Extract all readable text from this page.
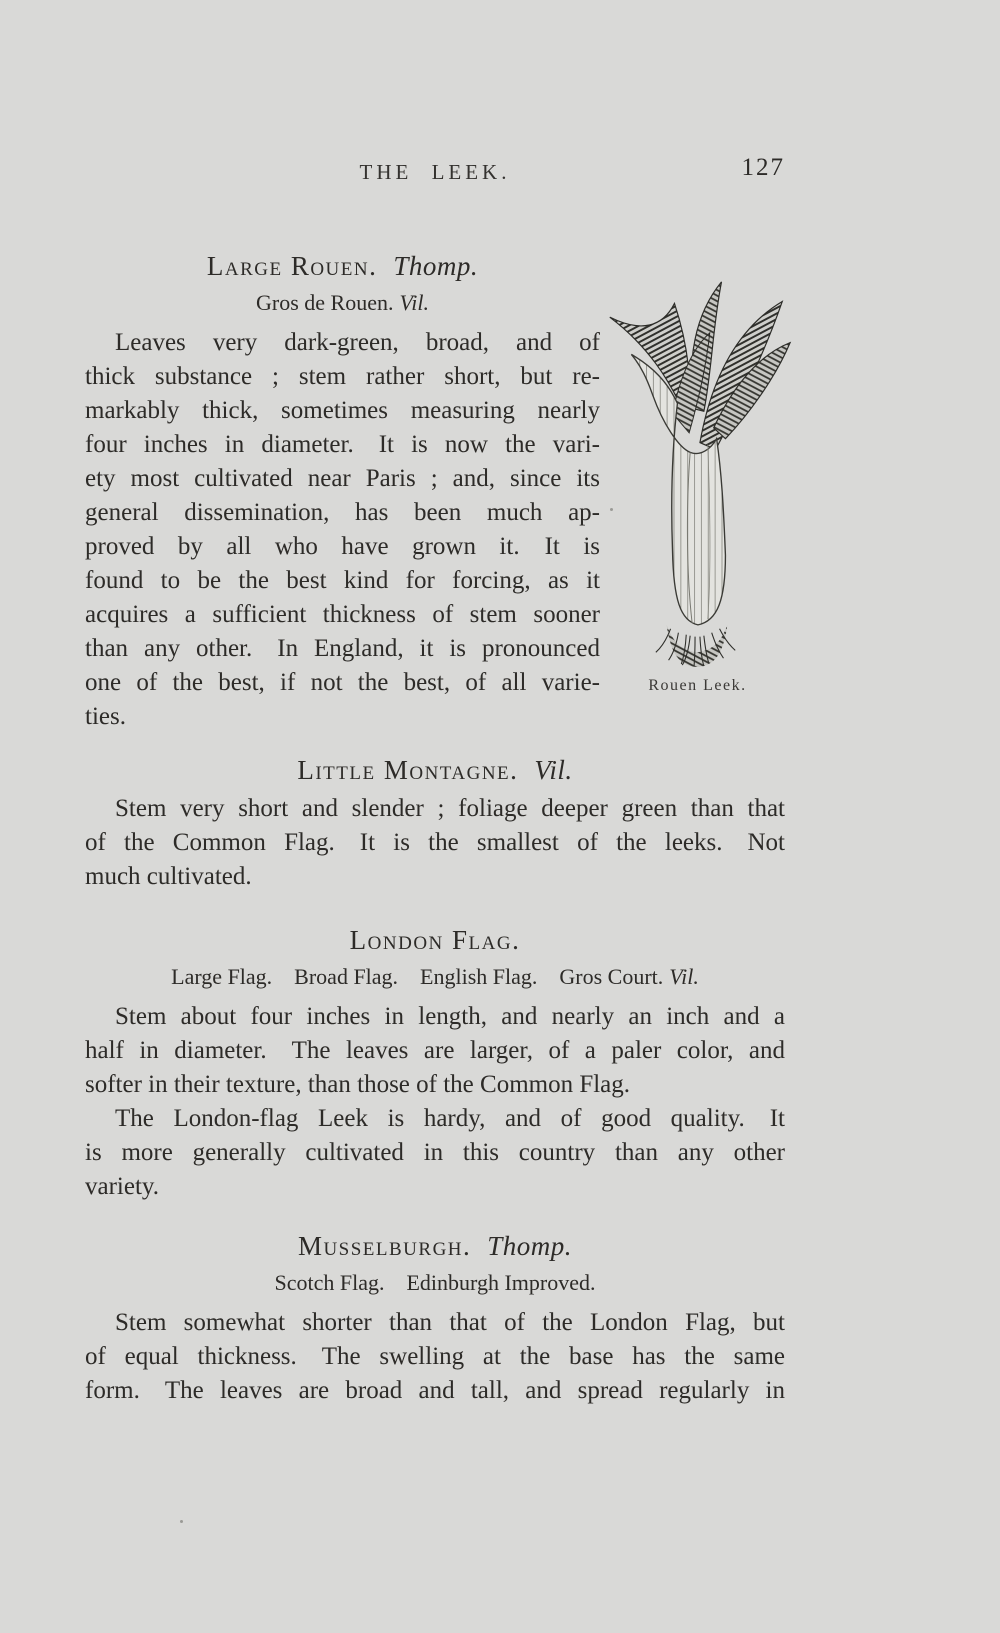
THE LEEK.	127
Large Rouen. Thomp.
Gros de Rouen. Vil.

Leaves very dark-green, broad, and of

thick substance ; stem rather short, but re-

markably thick, sometimes measuring nearly

four inches in diameter. It is now the vari-

ety most cultivated near Paris ; and, since its

general dissemination, has been much ap-

proved by all who have grown it. It is

found to be the best kind for forcing, as it

acquires a sufficient thickness of stem sooner

than any other. In England, it is pronounced

one of the best, if not the best, of all varie-

ties.

Rouen Leek.
Little Montagne. Vil.

Stem very short and slender ; foliage deeper green than that

of the Common Flag. It is the smallest of the leeks. Not

much cultivated.

London Flag.
Large Flag. Broad Flag. English Flag. Gros Court. Vil.

Stem about four inches in length, and nearly an inch and a

half in diameter. The leaves are larger, of a paler color, and

softer in their texture, than those of the Common Flag.

The London-flag Leek is hardy, and of good quality. It

is more generally cultivated in this country than any other

variety.

Musselburgh. Thomp.
Scotch Flag. Edinburgh Improved.

Stem somewhat shorter than that of the London Flag, but

of equal thickness. The swelling at the base has the same

form. The leaves are broad and tall, and spread regularly in
